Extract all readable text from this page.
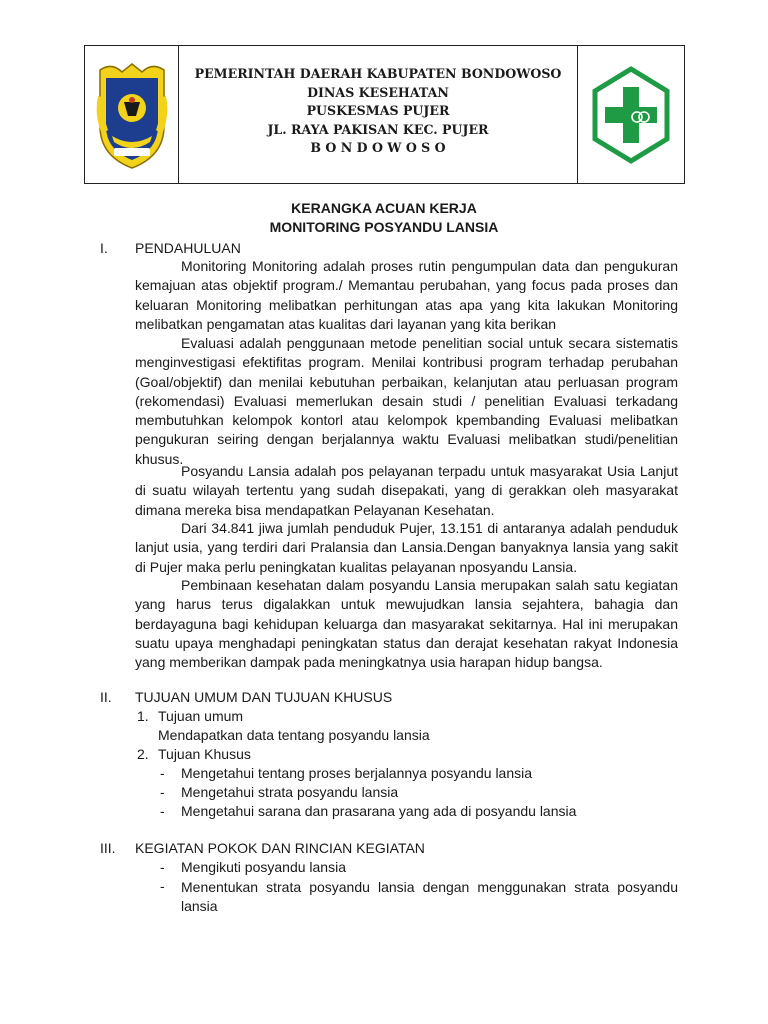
PEMERINTAH DAERAH KABUPATEN BONDOWOSO
DINAS KESEHATAN
PUSKESMAS PUJER
JL. RAYA PAKISAN KEC. PUJER
B O N D O W O S O
KERANGKA ACUAN KERJA
MONITORING POSYANDU LANSIA
I. PENDAHULUAN

Monitoring Monitoring adalah proses rutin pengumpulan data dan pengukuran kemajuan atas objektif program./ Memantau perubahan, yang focus pada proses dan keluaran Monitoring melibatkan perhitungan atas apa yang kita lakukan Monitoring melibatkan pengamatan atas kualitas dari layanan yang kita berikan

Evaluasi adalah penggunaan metode penelitian social untuk secara sistematis menginvestigasi efektifitas program. Menilai kontribusi program terhadap perubahan (Goal/objektif) dan menilai kebutuhan perbaikan, kelanjutan atau perluasan program (rekomendasi) Evaluasi memerlukan desain studi / penelitian Evaluasi terkadang membutuhkan kelompok kontorl atau kelompok kpembanding Evaluasi melibatkan pengukuran seiring dengan berjalannya waktu Evaluasi melibatkan studi/penelitian khusus.

Posyandu Lansia adalah pos pelayanan terpadu untuk masyarakat Usia Lanjut di suatu wilayah tertentu yang sudah disepakati, yang di gerakkan oleh masyarakat dimana mereka bisa mendapatkan Pelayanan Kesehatan.

Dari 34.841 jiwa jumlah penduduk Pujer, 13.151 di antaranya adalah penduduk lanjut usia, yang terdiri dari Pralansia dan Lansia.Dengan banyaknya lansia yang sakit di Pujer maka perlu peningkatan kualitas pelayanan nposyandu Lansia.

Pembinaan kesehatan dalam posyandu Lansia merupakan salah satu kegiatan yang harus terus digalakkan untuk mewujudkan lansia sejahtera, bahagia dan berdayaguna bagi kehidupan keluarga dan masyarakat sekitarnya. Hal ini merupakan suatu upaya menghadapi peningkatan status dan derajat kesehatan rakyat Indonesia yang memberikan dampak pada meningkatnya usia harapan hidup bangsa.

II. TUJUAN UMUM DAN TUJUAN KHUSUS
1. Tujuan umum
Mendapatkan data tentang posyandu lansia
2. Tujuan Khusus
- Mengetahui tentang proses berjalannya posyandu lansia
- Mengetahui strata posyandu lansia
- Mengetahui sarana dan prasarana yang ada di posyandu lansia
III. KEGIATAN POKOK DAN RINCIAN KEGIATAN
- Mengikuti posyandu lansia
- Menentukan strata posyandu lansia dengan menggunakan strata posyandu lansia
